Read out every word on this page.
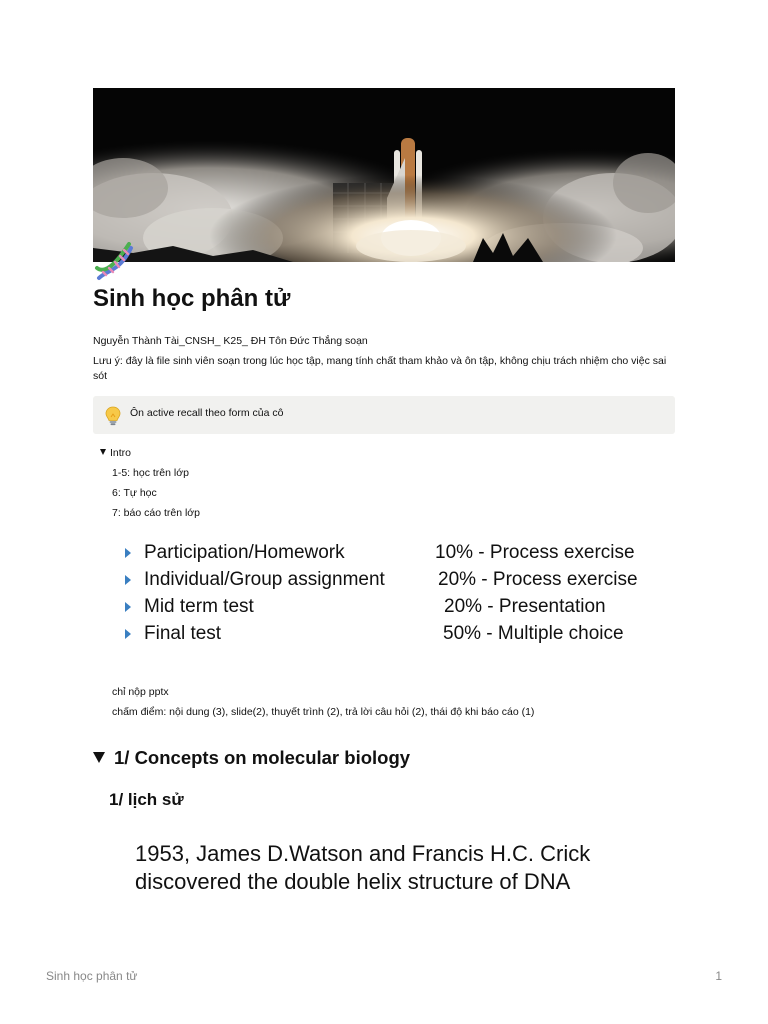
Sinh học phân tử
Nguyễn Thành Tài_CNSH_ K25_ ĐH Tôn Đức Thắng soạn
Lưu ý: đây là file sinh viên soạn trong lúc học tập, mang tính chất tham khảo và ôn tập, không chịu trách nhiệm cho việc sai sót
Ôn active recall theo form của cô
Intro
1-5: học trên lớp
6: Tự học
7: báo cáo trên lớp
Participation/Homework	10% - Process exercise
Individual/Group assignment	20% - Process exercise
Mid term test	20% - Presentation
Final test	50% - Multiple choice
chỉ nộp pptx
chấm điểm: nội dung (3), slide(2), thuyết trình (2), trả lời câu hỏi (2), thái độ khi báo cáo (1)
1/ Concepts on molecular biology
1/ lịch sử
1953, James D.Watson and Francis H.C. Crick
discovered the double helix structure of DNA
Sinh học phân tử	1
